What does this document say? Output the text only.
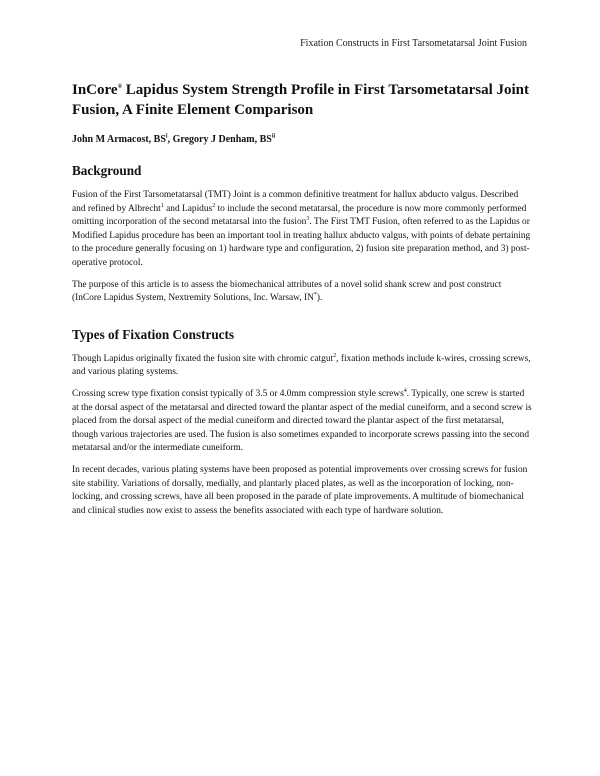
Fixation Constructs in First Tarsometatarsal Joint Fusion
InCore® Lapidus System Strength Profile in First Tarsometatarsal Joint Fusion, A Finite Element Comparison
John M Armacost, $BS^i$, Gregory J Denham, BS$^{ii}$
Background

Fusion of the First Tarsometatarsal (TMT) Joint is a common definitive treatment for hallux abducto valgus. Described and refined by Albrecht$^1$ and Lapidus$^2$ to include the second metatarsal, the procedure is now more commonly performed omitting incorporation of the second metatarsal into the fusion$^3$. The First TMT Fusion, often referred to as the Lapidus or Modified Lapidus procedure has been an important tool in treating hallux abducto valgus, with points of debate pertaining to the procedure generally focusing on 1) hardware type and configuration, 2) fusion site preparation method, and 3) post-operative protocol.

The purpose of this article is to assess the biomechanical attributes of a novel solid shank screw and post construct (InCore Lapidus System, Nextremity Solutions, Inc. Warsaw, IN*).

Types of Fixation Constructs

Though Lapidus originally fixated the fusion site with chromic catgut$^2$, fixation methods include k-wires, crossing screws, and various plating systems.

Crossing screw type fixation consist typically of 3.5 or 4.0mm compression style screws$^4$. Typically, one screw is started at the dorsal aspect of the metatarsal and directed toward the plantar aspect of the medial cuneiform, and a second screw is placed from the dorsal aspect of the medial cuneiform and directed toward the plantar aspect of the first metatarsal, though various trajectories are used. The fusion is also sometimes expanded to incorporate screws passing into the second metatarsal and/or the intermediate cuneiform.

In recent decades, various plating systems have been proposed as potential improvements over crossing screws for fusion site stability. Variations of dorsally, medially, and plantarly placed plates, as well as the incorporation of locking, non-locking, and crossing screws, have all been proposed in the parade of plate improvements. A multitude of biomechanical and clinical studies now exist to assess the benefits associated with each type of hardware solution.
